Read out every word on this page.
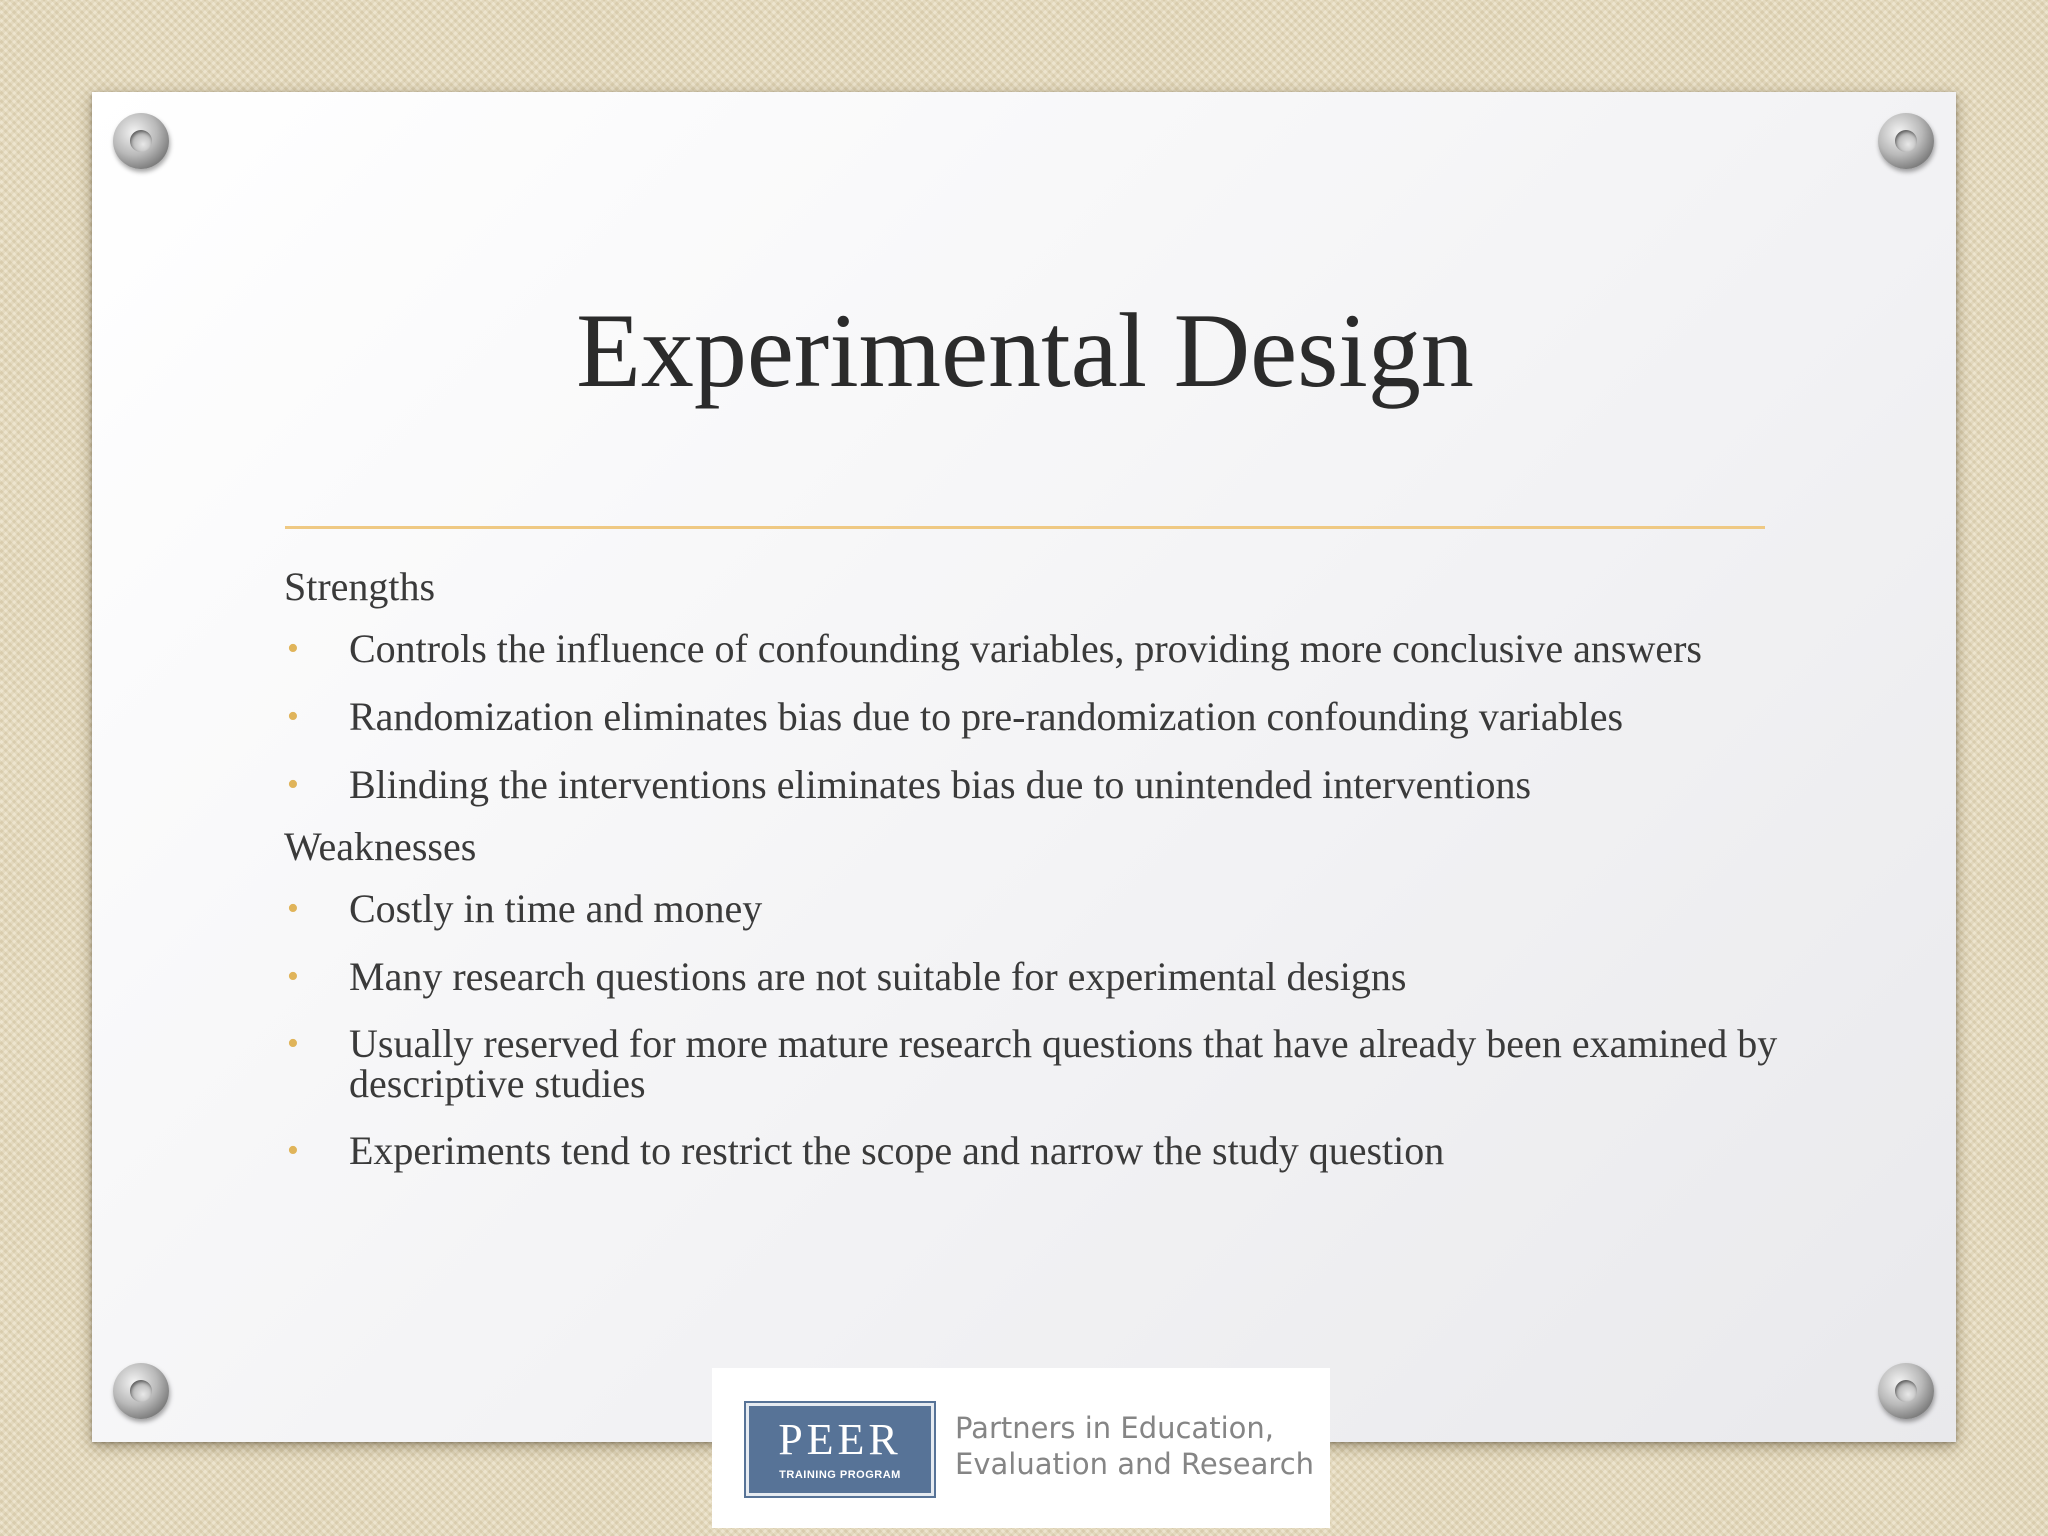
Experimental Design
Strengths
• Controls the influence of confounding variables, providing more conclusive answers
• Randomization eliminates bias due to pre-randomization confounding variables
• Blinding the interventions eliminates bias due to unintended interventions
Weaknesses
• Costly in time and money
• Many research questions are not suitable for experimental designs
• Usually reserved for more mature research questions that have already been examined by descriptive studies
• Experiments tend to restrict the scope and narrow the study question
PEER
TRAINING PROGRAM
Partners in Education,
Evaluation and Research
